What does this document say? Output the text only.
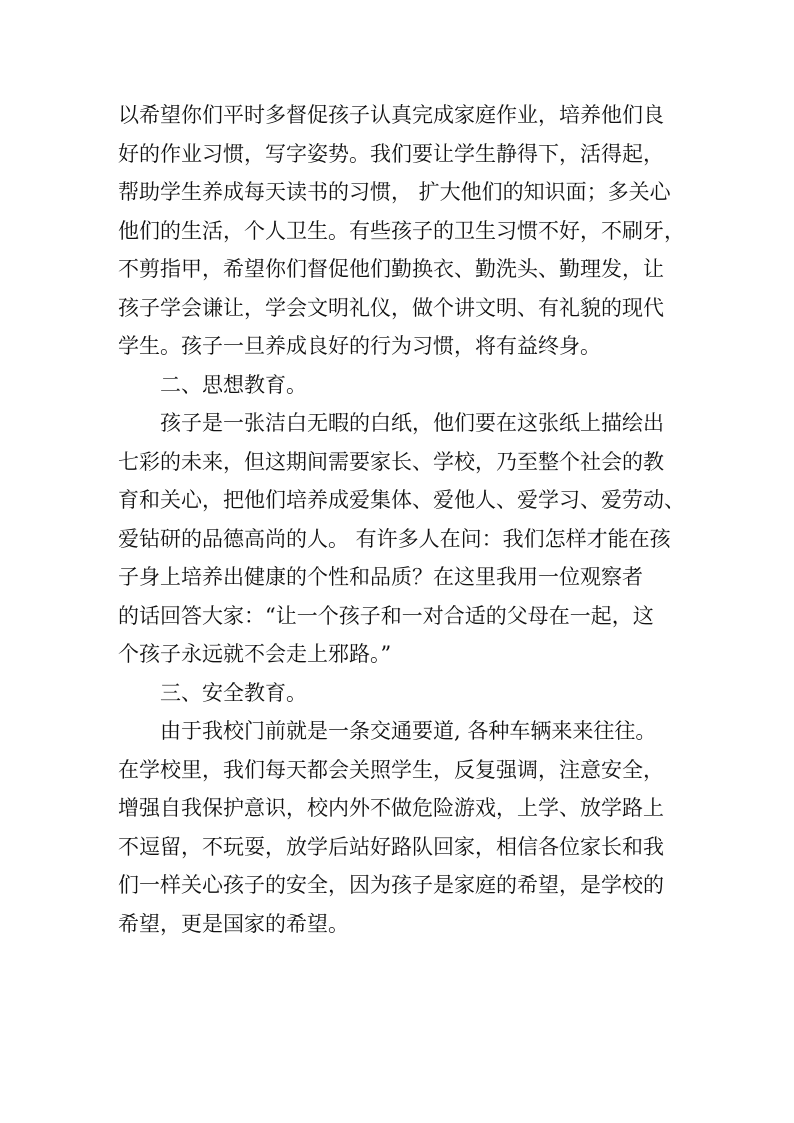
以希望你们平时多督促孩子认真完成家庭作业，培养他们良
好的作业习惯，写字姿势。我们要让学生静得下，活得起，
帮助学生养成每天读书的习惯， 扩大他们的知识面；多关心
他们的生活，个人卫生。有些孩子的卫生习惯不好，不刷牙，
不剪指甲，希望你们督促他们勤换衣、勤洗头、勤理发，让
孩子学会谦让，学会文明礼仪，做个讲文明、有礼貌的现代
学生。孩子一旦养成良好的行为习惯，将有益终身。
二、思想教育。
孩子是一张洁白无暇的白纸，他们要在这张纸上描绘出
七彩的未来，但这期间需要家长、学校，乃至整个社会的教
育和关心，把他们培养成爱集体、爱他人、爱学习、爱劳动、
爱钻研的品德高尚的人。 有许多人在问：我们怎样才能在孩
子身上培养出健康的个性和品质？在这里我用一位观察者
的话回答大家：“让一个孩子和一对合适的父母在一起，这
个孩子永远就不会走上邪路。”
三、安全教育。
由于我校门前就是一条交通要道, 各种车辆来来往往。
在学校里，我们每天都会关照学生，反复强调，注意安全，
增强自我保护意识，校内外不做危险游戏，上学、放学路上
不逗留，不玩耍，放学后站好路队回家，相信各位家长和我
们一样关心孩子的安全，因为孩子是家庭的希望，是学校的
希望，更是国家的希望。
